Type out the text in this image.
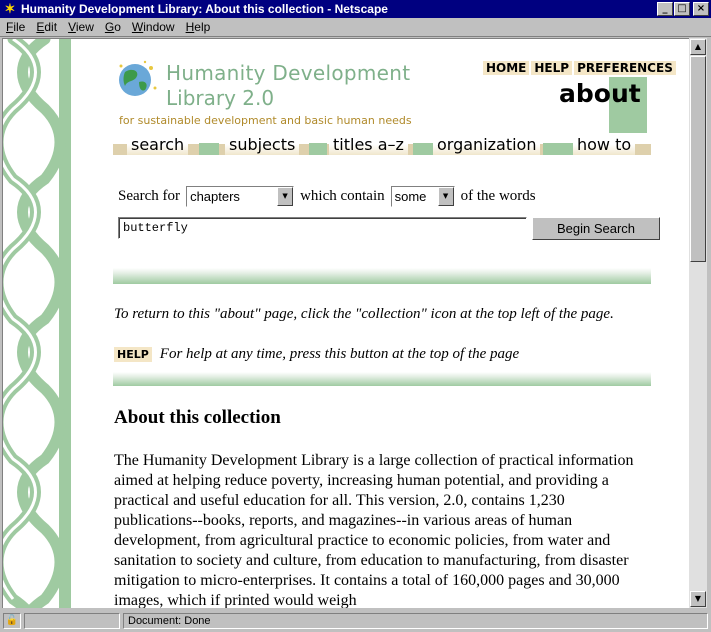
✶ Humanity Development Library: About this collection - Netscape	_ □	×
File Edit View Go Window Help
Humanity Development
Library 2.0
for sustainable development and basic human needs
HOME HELP PREFERENCES
about
search	subjects titles a–z organization	how to
Search for chapters	▼ which contain some	▼ of the words
butterfly	Begin Search
To return to this "about" page, click the "collection" icon at the top left of the page.
HELP For help at any time, press this button at the top of the page
About this collection
The Humanity Development Library is a large collection of practical information aimed at helping reduce poverty, increasing human potential, and providing a practical and useful education for all. This version, 2.0, contains 1,230 publications--books, reports, and magazines--in various areas of human development, from agricultural practice to economic policies, from water and sanitation to society and culture, from education to manufacturing, from disaster mitigation to micro-enterprises. It contains a total of 160,000 pages and 30,000 images, which if printed would weigh
▲
▼
🔓	Document: Done
